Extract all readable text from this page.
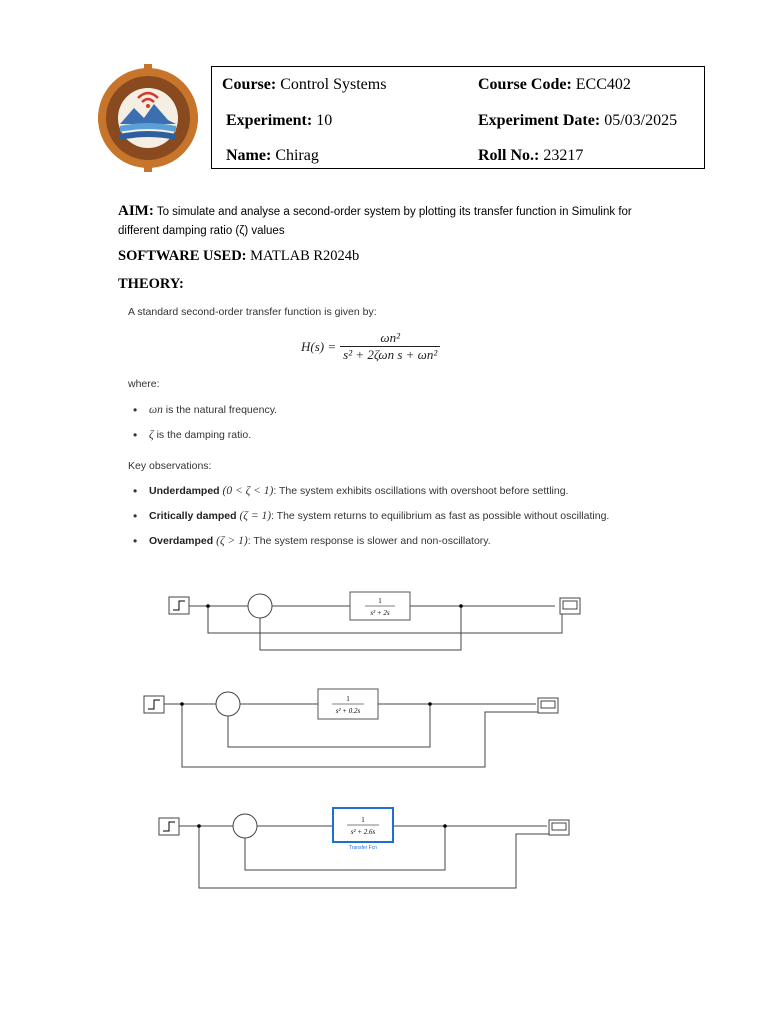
Course: Control Systems	Course Code: ECC402
Experiment: 10	Experiment Date: 05/03/2025
Name: Chirag	Roll No.: 23217
AIM: To simulate and analyse a second-order system by plotting its transfer function in Simulink for different damping ratio (ζ) values
SOFTWARE USED: MATLAB R2024b
THEORY:
A standard second-order transfer function is given by:
H(s) =	ωn²
s² + 2ζωn s + ωn²
where:
• ωn is the natural frequency.
• ζ is the damping ratio.
Key observations:
• Underdamped (0 < ζ < 1): The system exhibits oscillations with overshoot before settling.
• Critically damped (ζ = 1): The system returns to equilibrium as fast as possible without oscillating.
• Overdamped (ζ > 1): The system response is slower and non-oscillatory.
1
s² + 2s
1
s² + 0.2s
1
s² + 2.6s
Transfer Fcn
